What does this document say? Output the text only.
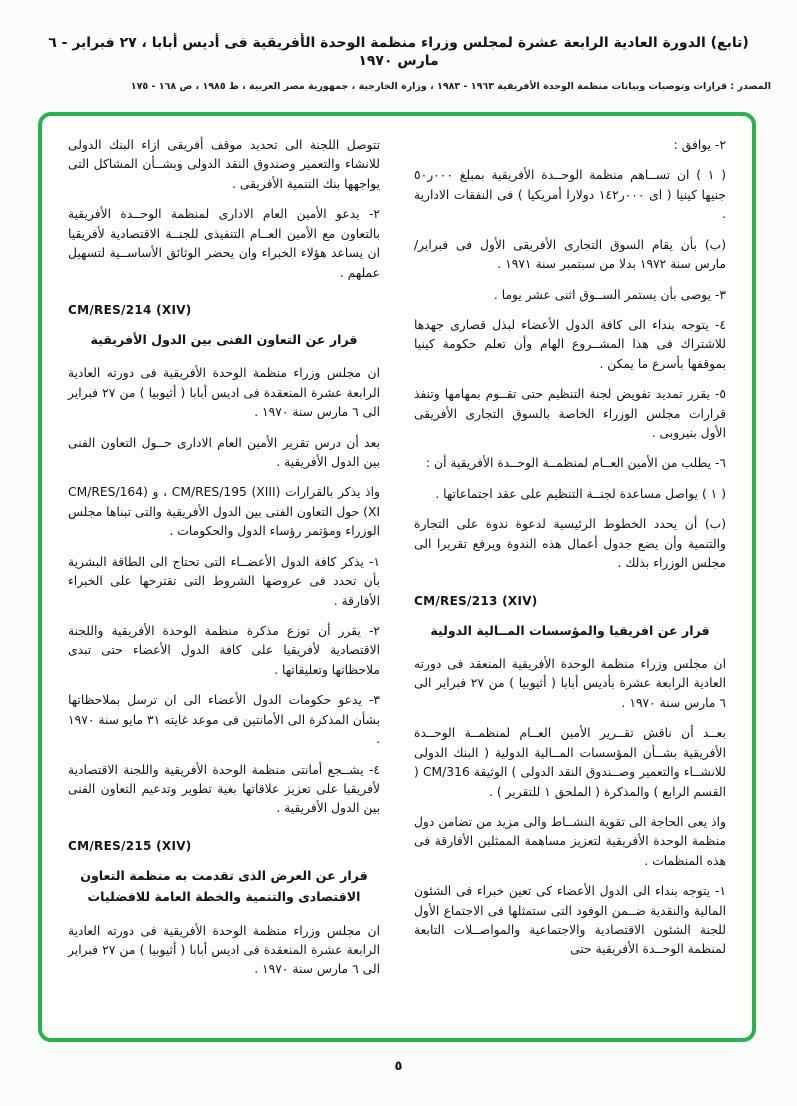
(تابع) الدورة العادية الرابعة عشرة لمجلس وزراء منظمة الوحدة الأفريقية فى أديس أبابا ، ٢٧ فبراير - ٦ مارس ١٩٧٠
المصدر : قرارات وتوصيات وبيانات منظمة الوحدة الأفريقية ١٩٦٣ - ١٩٨٣ ، وزارة الخارجية ، جمهورية مصر العربية ، ط ١٩٨٥ ، ص ١٦٨ - ١٧٥

٢- يوافق :

( ١ ) ان تســاهم منظمة الوحــدة الأفريقية بمبلغ ٠٠٠ر٥٠ جنيها كينيا ( اى ٠٠٠ر١٤٢ دولارا أمريكيا ) فى النفقات الادارية .

(ب) بأن يقام السوق التجارى الأفريقى الأول فى فبراير/ مارس سنة ١٩٧٢ بدلا من سبتمبر سنة ١٩٧١ .

٣- يوصى بأن يستمر الســوق اثنى عشر يوما .

٤- يتوجه بنداء الى كافة الدول الأعضاء لبذل قصارى جهدها للاشتراك فى هذا المشــروع الهام وأن تعلم حكومة كينيا بموقفها بأسرع ما يمكن .

٥- يقرر تمديد تفويض لجنة التنظيم حتى تقــوم بمهامها وتنفذ قرارات مجلس الوزراء الخاصة بالسوق التجارى الأفريقى الأول بنيروبى .

٦- يطلب من الأمين العــام لمنظمــة الوحــدة الأفريقية أن :

( ١ ) يواصل مساعدة لجنــة التنظيم على عقد اجتماعاتها .

(ب) أن يحدد الخطوط الرئيسية لدعوة ندوة على التجارة والتنمية وأن يضع جدول أعمال هذه الندوة ويرفع تقريرا الى مجلس الوزراء بذلك .

CM/RES/213 (XIV)
قرار عن افريقيا والمؤسسات المــالية الدولية

ان مجلس وزراء منظمة الوحدة الأفريقية المنعقد فى دورته العادية الرابعة عشرة بأديس أبابا ( أثيوبيا ) من ٢٧ فبراير الى ٦ مارس سنة ١٩٧٠ .

بعــد أن ناقش تقــرير الأمين العــام لمنظمــة الوحــدة الأفريقية بشــأن المؤسسات المــالية الدولية ( البنك الدولى للانشــاء والتعمير وصــندوق النقد الدولى ) الوثيقة CM/316 ( القسم الرابع ) والمذكرة ( الملحق ١ للتقرير ) .

واذ يعى الحاجة الى تقوية النشــاط والى مزيد من تضامن دول منظمة الوحدة الأفريقية لتعزيز مساهمة الممثلين الأفارقة فى هذه المنظمات .

١- يتوجه بنداء الى الدول الأعضاء كى تعين خبراء فى الشئون المالية والنقدية ضــمن الوفود التى ستمثلها فى الاجتماع الأول للجنة الشئون الاقتصادية والاجتماعية والمواصــلات التابعة لمنظمة الوحــدة الأفريقية حتى

تتوصل اللجنة الى تحديد موقف أفريقى ازاء البنك الدولى للانشاء والتعمير وصندوق النقد الدولى وبشــأن المشاكل التى يواجهها بنك التنمية الأفريقى .

٢- يدعو الأمين العام الادارى لمنظمة الوحــدة الأفريقية بالتعاون مع الأمين العــام التنفيذى للجنــة الاقتصادية لأفريقيا ان يساعد هؤلاء الخبراء وان يحضر الوثائق الأساســية لتسهيل عملهم .

CM/RES/214 (XIV)
قرار عن التعاون الفنى بين الدول الأفريقية

ان مجلس وزراء منظمة الوحدة الأفريقية فى دورته العادية الرابعة عشرة المنعقدة فى اديس أبابا ( أثيوبيا ) من ٢٧ فبراير الى ٦ مارس سنة ١٩٧٠ .

بعد أن درس تقرير الأمين العام الادارى حــول التعاون الفنى بين الدول الأفريقية .

واذ يذكر بالقرارات (CM/RES/195 (XIII ، و (CM/RES/164 (XI حول التعاون الفنى بين الدول الأفريقية والتى تبناها مجلس الوزراء ومؤتمر رؤساء الدول والحكومات .

١- يذكر كافة الدول الأعضــاء التى تحتاج الى الطاقة البشرية بأن تحدد فى عروضها الشروط التى تقترحها على الخبراء الأفارقة .

٢- يقرر أن توزع مذكرة منظمة الوحدة الأفريقية واللجنة الاقتصادية لأفريقيا على كافة الدول الأعضاء حتى تبدى ملاحظاتها وتعليقاتها .

٣- يدعو حكومات الدول الأعضاء الى ان ترسل بملاحظاتها بشأن المذكرة الى الأمانتين فى موعد غايته ٣١ مايو سنة ١٩٧٠ .

٤- يشــجع أمانتى منظمة الوحدة الأفريقية واللجنة الاقتصادية لأفريقيا على تعزيز علاقاتها بغية تطوير وتدعيم التعاون الفنى بين الدول الأفريقية .

CM/RES/215 (XIV)
قرار عن العرض الذى تقدمت به منظمة التعاون الاقتصادى والتنمية والخطة العامة للافضليات

ان مجلس وزراء منظمة الوحدة الأفريقية فى دورته العادية الرابعة عشرة المنعقدة فى اديس أبابا ( أثيوبيا ) من ٢٧ فبراير الى ٦ مارس سنة ١٩٧٠ .

٥
